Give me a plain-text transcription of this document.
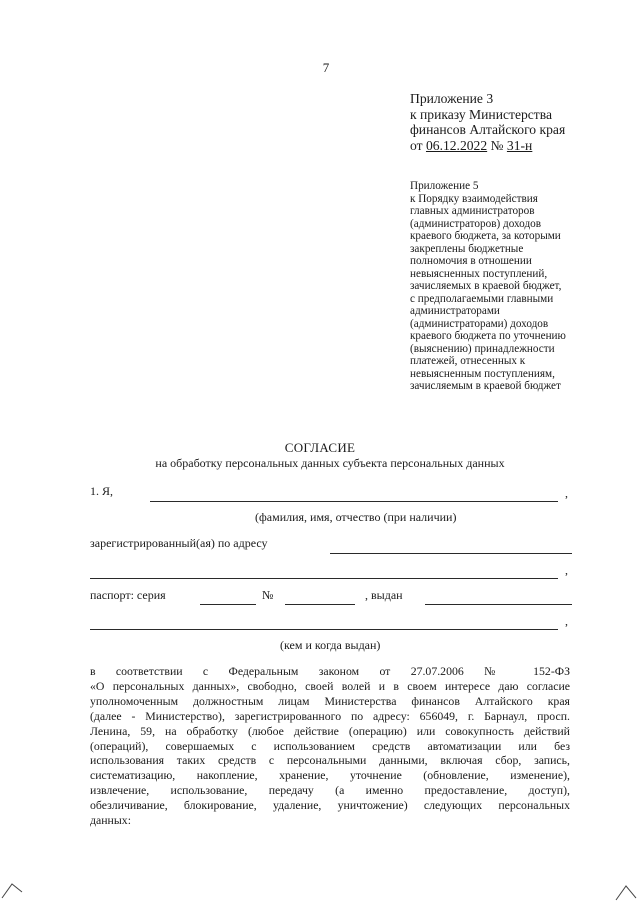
7
Приложение 3
к приказу Министерства
финансов Алтайского края
от 06.12.2022 № 31-н
Приложение 5
к Порядку взаимодействия
главных администраторов
(администраторов) доходов
краевого бюджета, за которыми
закреплены бюджетные
полномочия в отношении
невыясненных поступлений,
зачисляемых в краевой бюджет,
с предполагаемыми главными
администраторами
(администраторами) доходов
краевого бюджета по уточнению
(выяснению) принадлежности
платежей, отнесенных к
невыясненным поступлениям,
зачисляемым в краевой бюджет
СОГЛАСИЕ
на обработку персональных данных субъекта персональных данных
1. Я,	,
(фамилия, имя, отчество (при наличии)
зарегистрированный(ая) по адресу
,
паспорт: серия	№	, выдан
,
(кем и когда выдан)
в соответствии с Федеральным законом от 27.07.2006 № 152-ФЗ
«О персональных данных», свободно, своей волей и в своем интересе даю согласие
уполномоченным должностным лицам Министерства финансов Алтайского края
(далее - Министерство), зарегистрированного по адресу: 656049, г. Барнаул, просп.
Ленина, 59, на обработку (любое действие (операцию) или совокупность действий
(операций), совершаемых с использованием средств автоматизации или без
использования таких средств с персональными данными, включая сбор, запись,
систематизацию, накопление, хранение, уточнение (обновление, изменение),
извлечение, использование, передачу (а именно предоставление, доступ),
обезличивание, блокирование, удаление, уничтожение) следующих персональных
данных:
